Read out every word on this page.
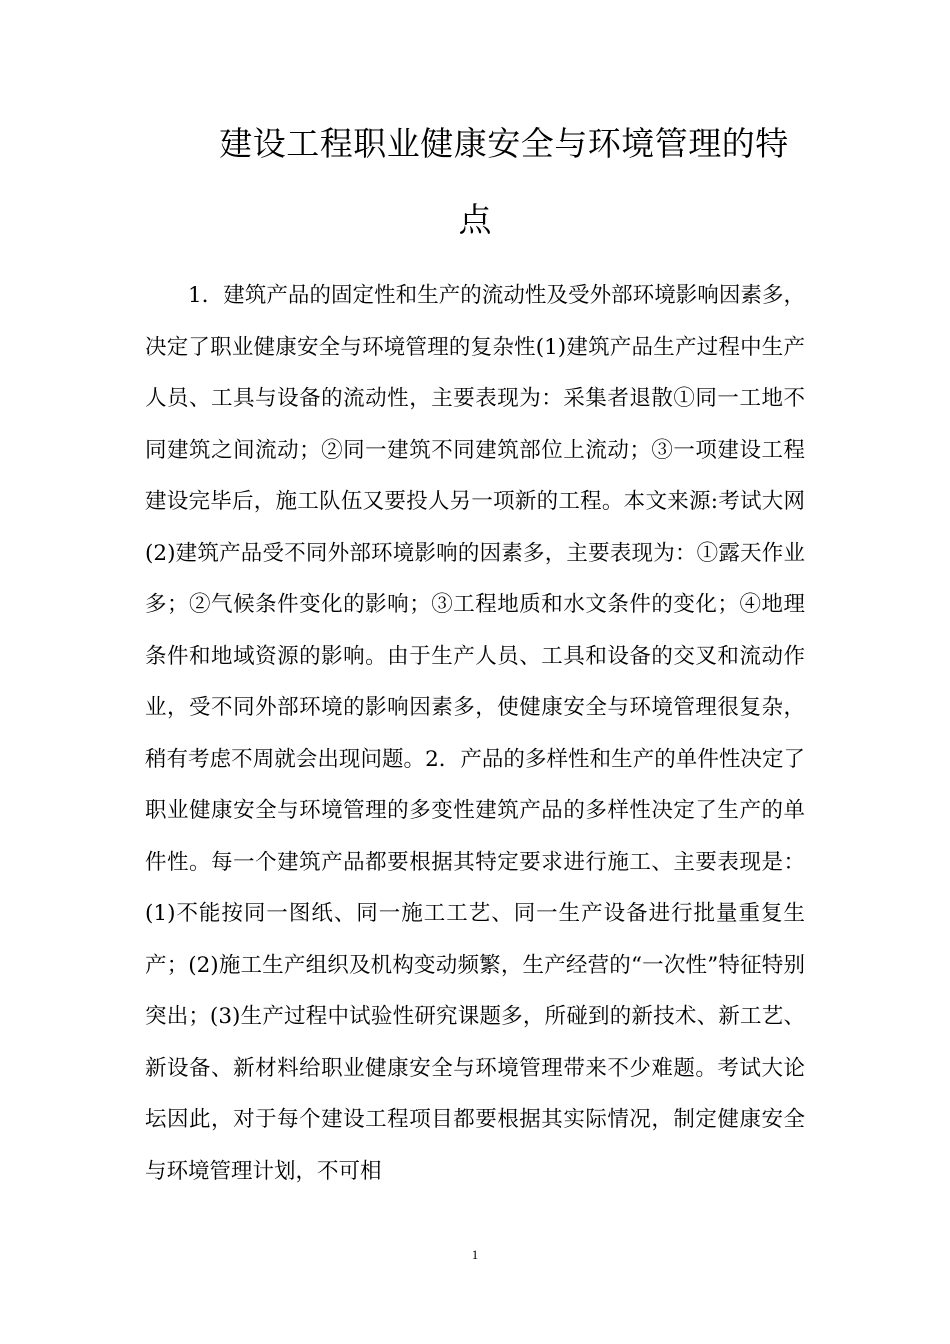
建设工程职业健康安全与环境管理的特
点

1．建筑产品的固定性和生产的流动性及受外部环境影响因素多，决定了职业健康安全与环境管理的复杂性(1)建筑产品生产过程中生产人员、工具与设备的流动性，主要表现为：采集者退散①同一工地不同建筑之间流动；②同一建筑不同建筑部位上流动；③一项建设工程建设完毕后，施工队伍又要投人另一项新的工程。本文来源:考试大网(2)建筑产品受不同外部环境影响的因素多，主要表现为：①露天作业多；②气候条件变化的影响；③工程地质和水文条件的变化；④地理条件和地域资源的影响。由于生产人员、工具和设备的交叉和流动作业，受不同外部环境的影响因素多，使健康安全与环境管理很复杂，稍有考虑不周就会出现问题。2．产品的多样性和生产的单件性决定了职业健康安全与环境管理的多变性建筑产品的多样性决定了生产的单件性。每一个建筑产品都要根据其特定要求进行施工、主要表现是：(1)不能按同一图纸、同一施工工艺、同一生产设备进行批量重复生产；(2)施工生产组织及机构变动频繁，生产经营的“一次性”特征特别突出；(3)生产过程中试验性研究课题多，所碰到的新技术、新工艺、新设备、新材料给职业健康安全与环境管理带来不少难题。考试大论坛因此，对于每个建设工程项目都要根据其实际情况，制定健康安全与环境管理计划，不可相

1
